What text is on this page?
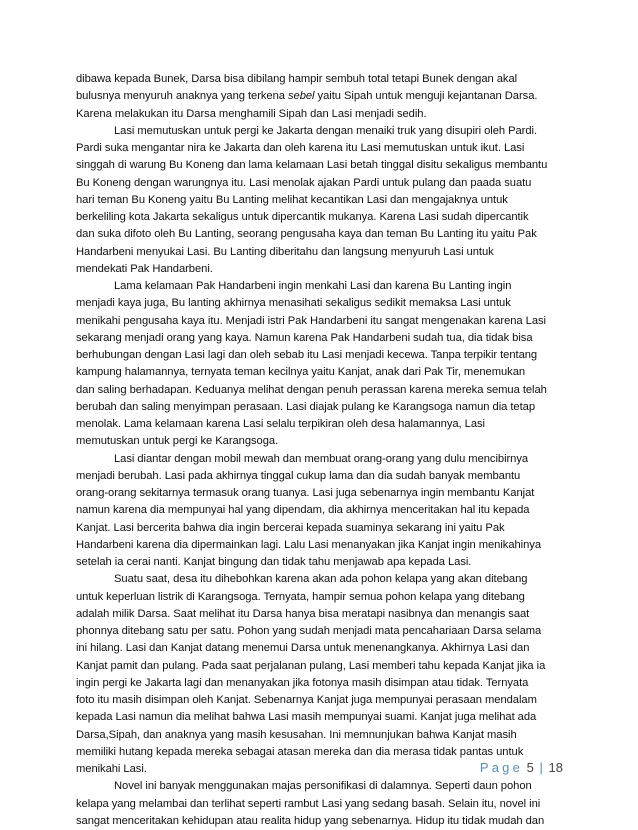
dibawa kepada Bunek, Darsa bisa dibilang hampir sembuh total tetapi Bunek dengan akal
bulusnya menyuruh anaknya yang terkena sebel yaitu Sipah untuk menguji kejantanan Darsa.
Karena melakukan itu Darsa menghamili Sipah dan Lasi menjadi sedih.
Lasi memutuskan untuk pergi ke Jakarta dengan menaiki truk yang disupiri oleh Pardi.
Pardi suka mengantar nira ke Jakarta dan oleh karena itu Lasi memutuskan untuk ikut. Lasi
singgah di warung Bu Koneng dan lama kelamaan Lasi betah tinggal disitu sekaligus membantu
Bu Koneng dengan warungnya itu. Lasi menolak ajakan Pardi untuk pulang dan paada suatu
hari teman Bu Koneng yaitu Bu Lanting melihat kecantikan Lasi dan mengajaknya untuk
berkeliling kota Jakarta sekaligus untuk dipercantik mukanya. Karena Lasi sudah dipercantik
dan suka difoto oleh Bu Lanting, seorang pengusaha kaya dan teman Bu Lanting itu yaitu Pak
Handarbeni menyukai Lasi. Bu Lanting diberitahu dan langsung menyuruh Lasi untuk
mendekati Pak Handarbeni.
Lama kelamaan Pak Handarbeni ingin menkahi Lasi dan karena Bu Lanting ingin
menjadi kaya juga, Bu lanting akhirnya menasihati sekaligus sedikit memaksa Lasi untuk
menikahi pengusaha kaya itu. Menjadi istri Pak Handarbeni itu sangat mengenakan karena Lasi
sekarang menjadi orang yang kaya. Namun karena Pak Handarbeni sudah tua, dia tidak bisa
berhubungan dengan Lasi lagi dan oleh sebab itu Lasi menjadi kecewa. Tanpa terpikir tentang
kampung halamannya, ternyata teman kecilnya yaitu Kanjat, anak dari Pak Tir, menemukan
dan saling berhadapan. Keduanya melihat dengan penuh perassan karena mereka semua telah
berubah dan saling menyimpan perasaan. Lasi diajak pulang ke Karangsoga namun dia tetap
menolak. Lama kelamaan karena Lasi selalu terpikiran oleh desa halamannya, Lasi
memutuskan untuk pergi ke Karangsoga.
Lasi diantar dengan mobil mewah dan membuat orang-orang yang dulu mencibirnya
menjadi berubah. Lasi pada akhirnya tinggal cukup lama dan dia sudah banyak membantu
orang-orang sekitarnya termasuk orang tuanya. Lasi juga sebenarnya ingin membantu Kanjat
namun karena dia mempunyai hal yang dipendam, dia akhirnya menceritakan hal itu kepada
Kanjat. Lasi bercerita bahwa dia ingin bercerai kepada suaminya sekarang ini yaitu Pak
Handarbeni karena dia dipermainkan lagi. Lalu Lasi menanyakan jika Kanjat ingin menikahinya
setelah ia cerai nanti. Kanjat bingung dan tidak tahu menjawab apa kepada Lasi.
Suatu saat, desa itu dihebohkan karena akan ada pohon kelapa yang akan ditebang
untuk keperluan listrik di Karangsoga. Ternyata, hampir semua pohon kelapa yang ditebang
adalah milik Darsa. Saat melihat itu Darsa hanya bisa meratapi nasibnya dan menangis saat
phonnya ditebang satu per satu. Pohon yang sudah menjadi mata pencahariaan Darsa selama
ini hilang. Lasi dan Kanjat datang menemui Darsa untuk menenangkanya. Akhirnya Lasi dan
Kanjat pamit dan pulang. Pada saat perjalanan pulang, Lasi memberi tahu kepada Kanjat jika ia
ingin pergi ke Jakarta lagi dan menanyakan jika fotonya masih disimpan atau tidak. Ternyata
foto itu masih disimpan oleh Kanjat. Sebenarnya Kanjat juga mempunyai perasaan mendalam
kepada Lasi namun dia melihat bahwa Lasi masih mempunyai suami. Kanjat juga melihat ada
Darsa,Sipah, dan anaknya yang masih kesusahan. Ini memnunjukan bahwa Kanjat masih
memiliki hutang kepada mereka sebagai atasan mereka dan dia merasa tidak pantas untuk
menikahi Lasi.
Novel ini banyak menggunakan majas personifikasi di dalamnya. Seperti daun pohon
kelapa yang melambai dan terlihat seperti rambut Lasi yang sedang basah. Selain itu, novel ini
sangat menceritakan kehidupan atau realita hidup yang sebenarnya. Hidup itu tidak mudah dan
Page 5 | 18
